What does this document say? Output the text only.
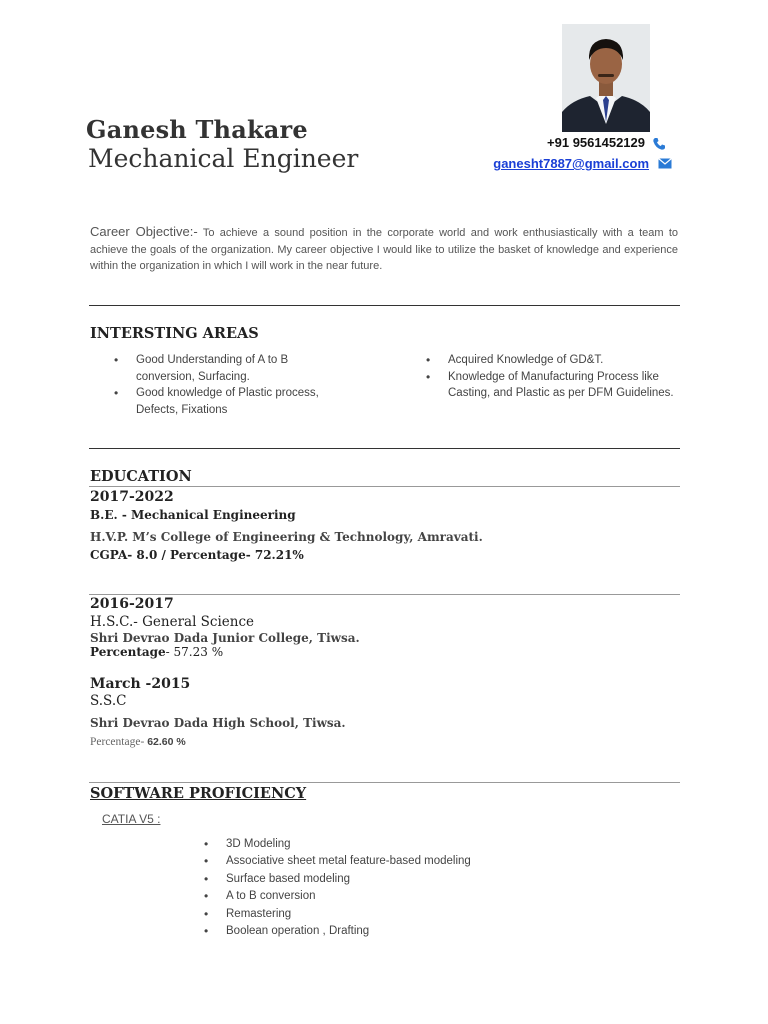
Ganesh Thakare
Mechanical Engineer
+91 9561452129
ganesht7887@gmail.com
Career Objective:- To achieve a sound position in the corporate world and work enthusiastically with a team to achieve the goals of the organization. My career objective I would like to utilize the basket of knowledge and experience within the organization in which I will work in the near future.
INTERSTING AREAS
• Good Understanding of A to B conversion, Surfacing.
• Good knowledge of Plastic process, Defects, Fixations
• Acquired Knowledge of GD&T.
• Knowledge of Manufacturing Process like Casting, and Plastic as per DFM Guidelines.
EDUCATION
2017-2022
B.E. - Mechanical Engineering
H.V.P. M’s College of Engineering & Technology, Amravati.
CGPA- 8.0 / Percentage- 72.21%
2016-2017
H.S.C.- General Science
Shri Devrao Dada Junior College, Tiwsa.
Percentage- 57.23 %
March -2015
S.S.C
Shri Devrao Dada High School, Tiwsa.
Percentage- 62.60 %
SOFTWARE PROFICIENCY
CATIA V5 :
• 3D Modeling
• Associative sheet metal feature-based modeling
• Surface based modeling
• A to B conversion
• Remastering
• Boolean operation , Drafting
